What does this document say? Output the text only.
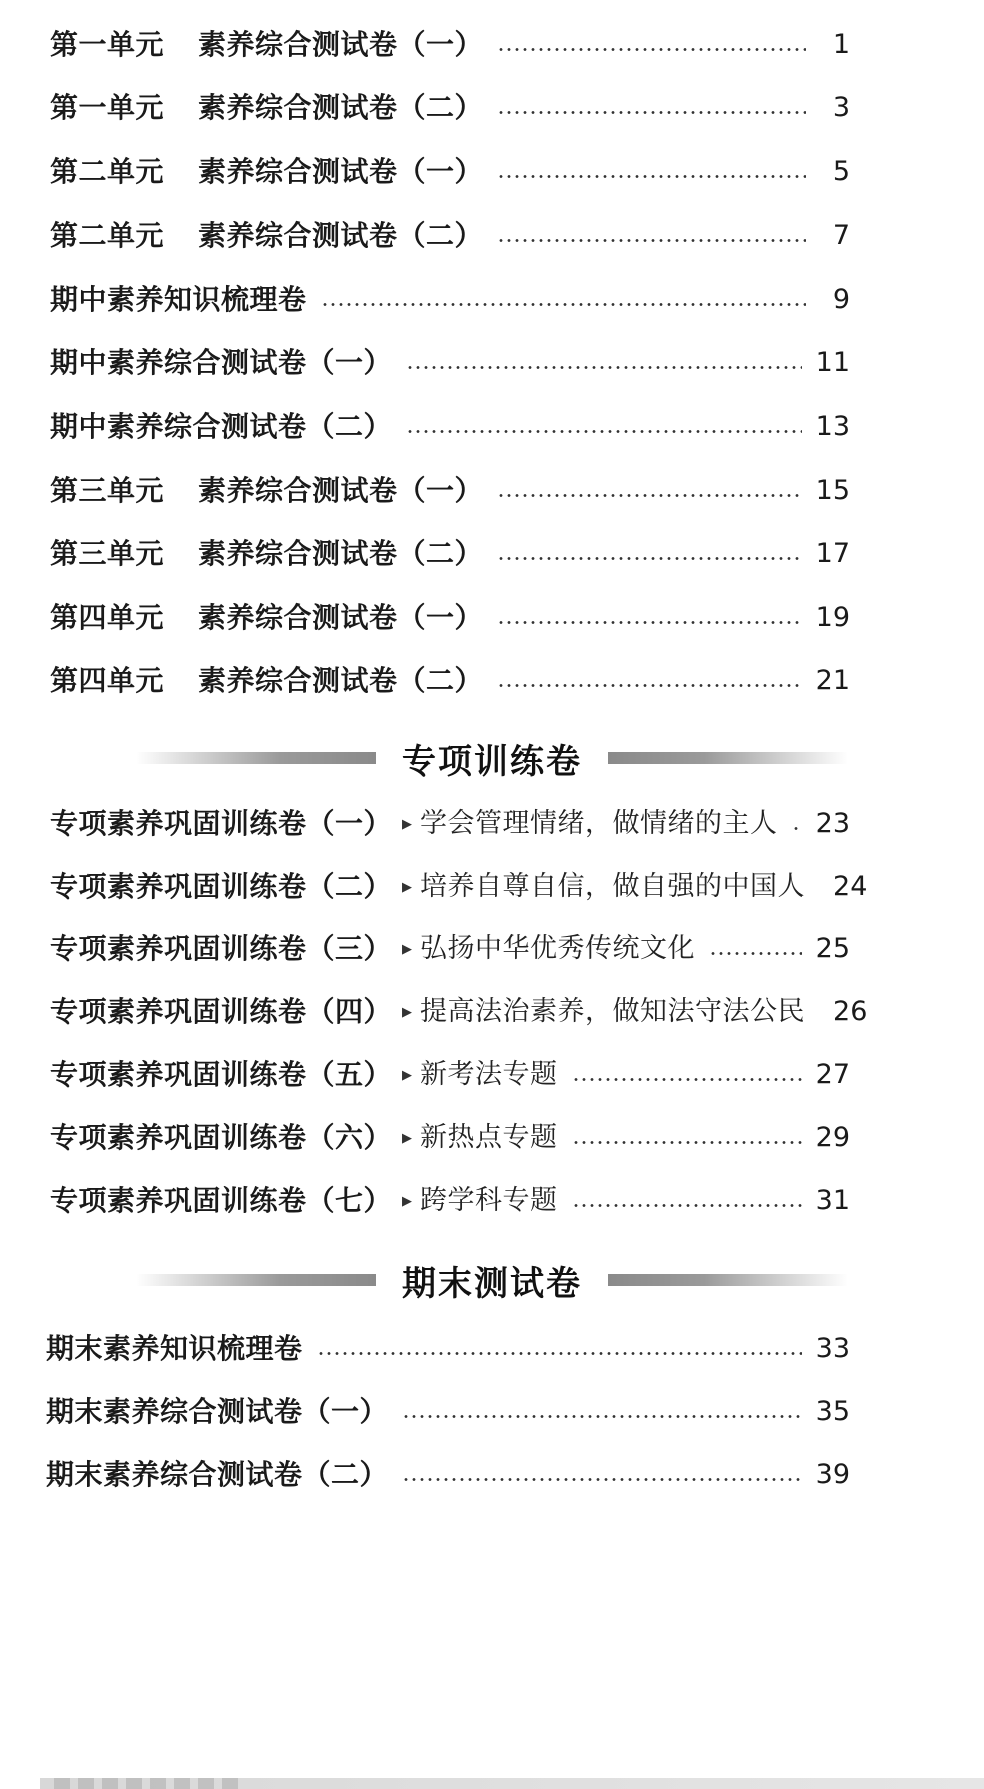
第一单元 素养综合测试卷（一）	1
第一单元 素养综合测试卷（二）	3
第二单元 素养综合测试卷（一）	5
第二单元 素养综合测试卷（二）	7
期中素养知识梳理卷	9
期中素养综合测试卷（一）	11
期中素养综合测试卷（二）	13
第三单元 素养综合测试卷（一）	15
第三单元 素养综合测试卷（二）	17
第四单元 素养综合测试卷（一）	19
第四单元 素养综合测试卷（二）	21
专项训练卷
专项素养巩固训练卷（一） ▶ 学会管理情绪，做情绪的主人 23
专项素养巩固训练卷（二） ▶ 培养自尊自信，做自强的中国人 24
专项素养巩固训练卷（三） ▶ 弘扬中华优秀传统文化	25
专项素养巩固训练卷（四） ▶ 提高法治素养，做知法守法公民 26
专项素养巩固训练卷（五） ▶ 新考法专题	27
专项素养巩固训练卷（六） ▶ 新热点专题	29
专项素养巩固训练卷（七） ▶ 跨学科专题	31
期末测试卷
期末素养知识梳理卷	33
期末素养综合测试卷（一）	35
期末素养综合测试卷（二）	39
